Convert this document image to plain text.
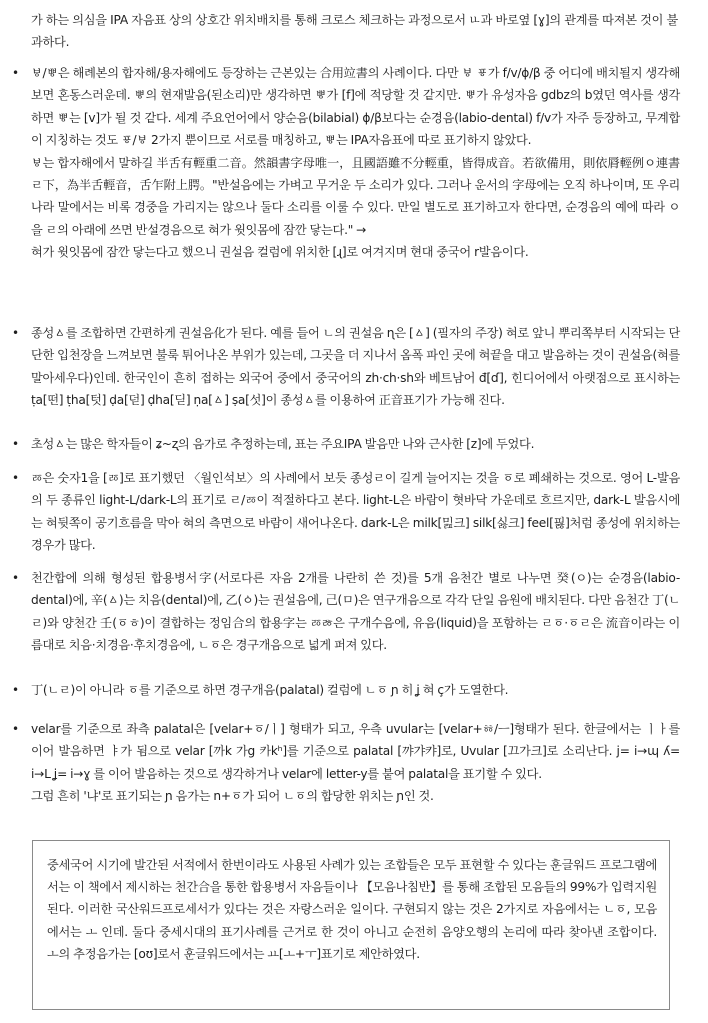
가 하는 의심을 IPA 자음표 상의 상호간 위치배치를 통해 크로스 체크하는 과정으로서 ㅥ과 바로옆 [ɣ]의 관계를 따져본 것이 불과하다.

• ㅸ/ㅹ은 해례본의 합자해/용자해에도 등장하는 근본있는 合用竝書의 사례이다. 다만 ㅸ ㆄ가 f/v/ɸ/β 중 어디에 배치될지 생각해보면 혼동스러운데. ㅹ의 현재발음(된소리)만 생각하면 ㅹ가 [f]에 적당할 것 같지만. ㅹ가 유성자음 gdbz의 b였던 역사를 생각하면 ㅹ는 [v]가 될 것 같다. 세계 주요언어에서 양순음(bilabial) ɸ/β보다는 순경음(labio-dental) f/v가 자주 등장하고, 무계합이 지칭하는 것도 ㆄ/ㅸ 2가지 뿐이므로 서로를 매칭하고, ㅹ는 IPA자음표에 따로 표기하지 않았다.

ㅸ는 합자해에서 말하길 半舌有輕重二音。然韻書字母唯一，且國語雖不分輕重，皆得成音。若欲備用，則依脣輕例ㅇ連書ㄹ下，為半舌輕音，舌乍附上腭。"반설음에는 가벼고 무거운 두 소리가 있다. 그러나 운서의 字母에는 오직 하나이며, 또 우리나라 말에서는 비록 경중을 가리지는 않으나 둘다 소리를 이룰 수 있다. 만일 별도로 표기하고자 한다면, 순경음의 예에 따라 ㅇ을 ㄹ의 아래에 쓰면 반설경음으로 혀가 윗잇몸에 잠깐 닿는다." →

혀가 윗잇몸에 잠깐 닿는다고 했으니 권설음 컬럼에 위치한 [ɻ]로 여겨지며 현대 중국어 r발음이다.

• 종성ㅿ를 조합하면 간편하게 권설음化가 된다. 예를 들어 ㄴ의 권설음 ɳ은 [ㅿ] (필자의 주장) 혀로 앞니 뿌리쪽부터 시작되는 단단한 입천장을 느껴보면 불룩 튀어나온 부위가 있는데, 그곳을 더 지나서 옴폭 파인 곳에 혀끝을 대고 발음하는 것이 권설음(혀를 말아세우다)인데. 한국인이 흔히 접하는 외국어 중에서 중국어의 zh·ch·sh와 베트남어 đ[ɗ], 힌디어에서 아랫점으로 표시하는 ṭa[떤] ṭha[텃] ḍa[덛] ḍha[딛] ṇa[ㅿ] ṣa[섯]이 종성ㅿ를 이용하여 正音표기가 가능해 진다.

• 초성ㅿ는 많은 학자들이 ʑ~ʐ의 음가로 추정하는데, 표는 주요IPA 발음만 나와 근사한 [z]에 두었다.

• ㅭ은 숫자1을 [ㅭ]로 표기했던 〈월인석보〉의 사례에서 보듯 종성ㄹ이 길게 늘어지는 것을 ㆆ로 폐쇄하는 것으로. 영어 L-발음의 두 종류인 light-L/dark-L의 표기로 ㄹ/ㅭ이 적절하다고 본다. light-L은 바람이 혓바닥 가운데로 흐르지만, dark-L 발음시에는 혀뒷쪽이 공기흐름을 막아 혀의 측면으로 바람이 새어나온다. dark-L은 milk[밆크] silk[싫크] feel[핋]처럼 종성에 위치하는 경우가 많다.

• 천간합에 의해 형성된 합용병서字(서로다른 자음 2개를 나란히 쓴 것)를 5개 음천간 별로 나누면 癸(ㅇ)는 순경음(labio-dental)에, 辛(ㅿ)는 치음(dental)에, 乙(ㆁ)는 권설음에, 己(ㅁ)은 연구개음으로 각각 단일 음원에 배치된다. 다만 음천간 丁(ㄴㄹ)와 양천간 壬(ㆆㅎ)이 결합하는 정임合의 합용字는 ㅭㅀ은 구개수음에, 유음(liquid)을 포함하는 ㄹㆆ·ㆆㄹ은 流音이라는 이름대로 치음·치경음·후치경음에, ㄴㆆ은 경구개음으로 넓게 퍼져 있다.

• 丁(ㄴㄹ)이 아니라 ㆆ를 기준으로 하면 경구개음(palatal) 컬럼에 ㄴㆆ ɲ 히 ʝ 혀 ç가 도열한다.

• velar를 기준으로 좌측 palatal은 [velar+ㆆ/ㅣ] 형태가 되고, 우측 uvular는 [velar+ㆅ/ㅡ]형태가 된다. 한글에서는 ㅣㅏ를 이어 발음하면 ㅑ가 됨으로 velar [까k 가g 카kʰ]를 기준으로 palatal [꺄갸캬]로, Uvular [끄가크]로 소리난다. j= i→ɰ ʎ= i→L ʝ= i→ɣ 를 이어 발음하는 것으로 생각하거나 velar에 letter-y를 붙여 palatal을 표기할 수 있다.

그럼 흔히 '냐'로 표기되는 ɲ 음가는 n+ㆆ가 되어 ㄴㆆ의 합당한 위치는 ɲ인 것.

중세국어 시기에 발간된 서적에서 한번이라도 사용된 사례가 있는 조합들은 모두 표현할 수 있다는 훈글워드 프로그램에서는 이 책에서 제시하는 천간合을 통한 합용병서 자음들이나 【모음나침반】를 통해 조합된 모음들의 99%가 입력지원된다. 이러한 국산워드프로세서가 있다는 것은 자랑스러운 일이다. 구현되지 않는 것은 2가지로 자음에서는 ㄴㆆ, 모음에서는 ㅗ 인데. 둘다 중세시대의 표기사례를 근거로 한 것이 아니고 순전히 음양오행의 논리에 따라 찾아낸 조합이다. ㅗ의 추정음가는 [oʊ]로서 훈글워드에서는 ㅛ[ㅗ+ㅜ]표기로 제안하였다.
